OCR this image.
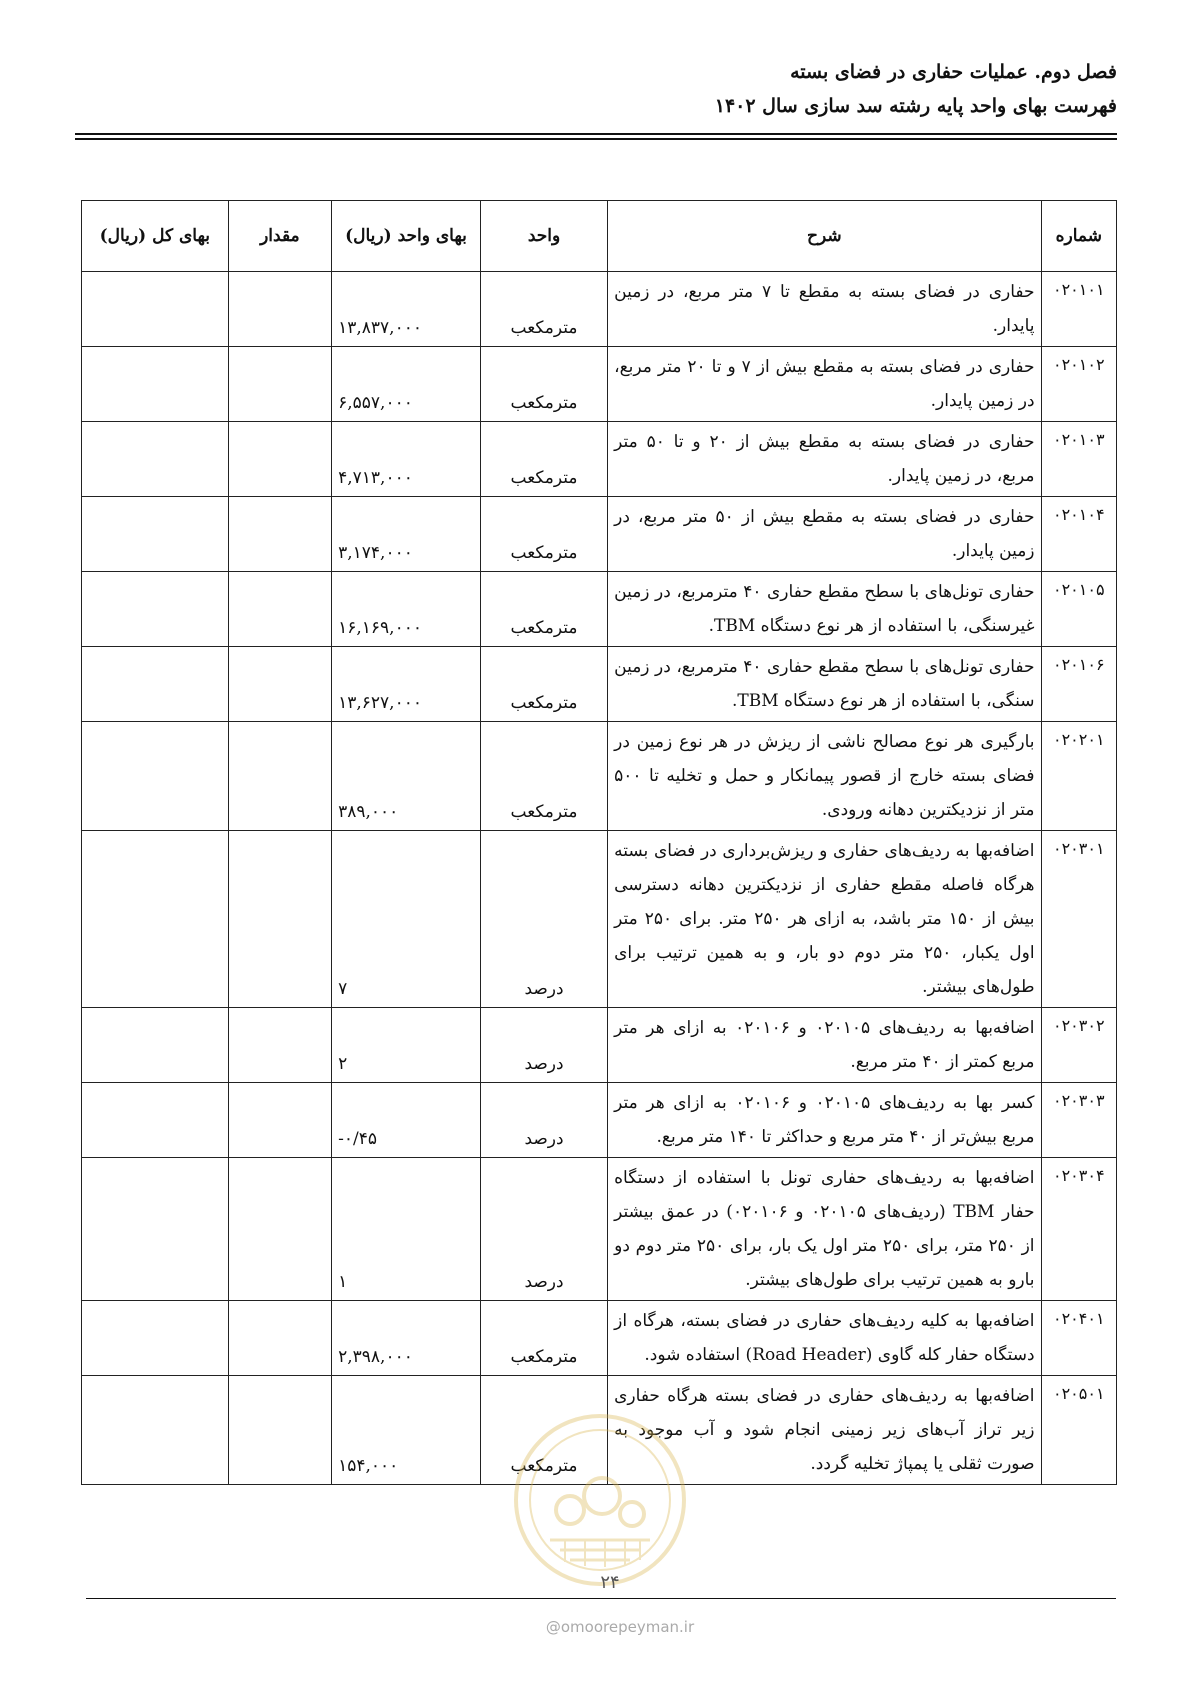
فصل دوم. عملیات حفاری در فضای بسته
فهرست بهای واحد پایه رشته سد سازی سال ۱۴۰۲
شماره	شرح	واحد	بهای واحد (ریال)	مقدار	بهای کل (ریال)
۰۲۰۱۰۱	حفاری در فضای بسته به مقطع تا ۷ متر مربع، در زمین پایدار.	مترمکعب	۱۳,۸۳۷,۰۰۰		
۰۲۰۱۰۲	حفاری در فضای بسته به مقطع بیش از ۷ و تا ۲۰ متر مربع، در زمین پایدار.	مترمکعب	۶,۵۵۷,۰۰۰		
۰۲۰۱۰۳	حفاری در فضای بسته به مقطع بیش از ۲۰ و تا ۵۰ متر مربع، در زمین پایدار.	مترمکعب	۴,۷۱۳,۰۰۰		
۰۲۰۱۰۴	حفاری در فضای بسته به مقطع بیش از ۵۰ متر مربع، در زمین پایدار.	مترمکعب	۳,۱۷۴,۰۰۰		
۰۲۰۱۰۵	حفاری تونل‌های با سطح مقطع حفاری ۴۰ مترمربع، در زمین غیرسنگی، با استفاده از هر نوع دستگاه TBM.	مترمکعب	۱۶,۱۶۹,۰۰۰		
۰۲۰۱۰۶	حفاری تونل‌های با سطح مقطع حفاری ۴۰ مترمربع، در زمین سنگی، با استفاده از هر نوع دستگاه TBM.	مترمکعب	۱۳,۶۲۷,۰۰۰		
۰۲۰۲۰۱	بارگیری هر نوع مصالح ناشی از ریزش در هر نوع زمین در فضای بسته خارج از قصور پیمانکار و حمل و تخلیه تا ۵۰۰ متر از نزدیکترین دهانه ورودی.	مترمکعب	۳۸۹,۰۰۰		
۰۲۰۳۰۱	اضافه‌بها به ردیف‌های حفاری و ریزش‌برداری در فضای بسته هرگاه فاصله مقطع حفاری از نزدیکترین دهانه دسترسی بیش از ۱۵۰ متر باشد، به ازای هر ۲۵۰ متر. برای ۲۵۰ متر اول یکبار، ۲۵۰ متر دوم دو بار، و به همین ترتیب برای طول‌های بیشتر.	درصد	۷		
۰۲۰۳۰۲	اضافه‌بها به ردیف‌های ۰۲۰۱۰۵ و ۰۲۰۱۰۶ به ازای هر متر مربع کمتر از ۴۰ متر مربع.	درصد	۲		
۰۲۰۳۰۳	کسر بها به ردیف‌های ۰۲۰۱۰۵ و ۰۲۰۱۰۶ به ازای هر متر مربع بیش‌تر از ۴۰ متر مربع و حداکثر تا ۱۴۰ متر مربع.	درصد	-۰/۴۵		
۰۲۰۳۰۴	اضافه‌بها به ردیف‌های حفاری تونل با استفاده از دستگاه حفار TBM (ردیف‌های ۰۲۰۱۰۵ و ۰۲۰۱۰۶) در عمق بیشتر از ۲۵۰ متر، برای ۲۵۰ متر اول یک بار، برای ۲۵۰ متر دوم دو بارو به همین ترتیب برای طول‌های بیشتر.	درصد	۱		
۰۲۰۴۰۱	اضافه‌بها به کلیه ردیف‌های حفاری در فضای بسته، هرگاه از دستگاه حفار کله گاوی (Road Header) استفاده شود.	مترمکعب	۲,۳۹۸,۰۰۰		
۰۲۰۵۰۱	اضافه‌بها به ردیف‌های حفاری در فضای بسته هرگاه حفاری زیر تراز آب‌های زیر زمینی انجام شود و آب موجود به صورت ثقلی یا پمپاژ تخلیه گردد.	مترمکعب	۱۵۴,۰۰۰		
۲۴
@omoorepeyman.ir
